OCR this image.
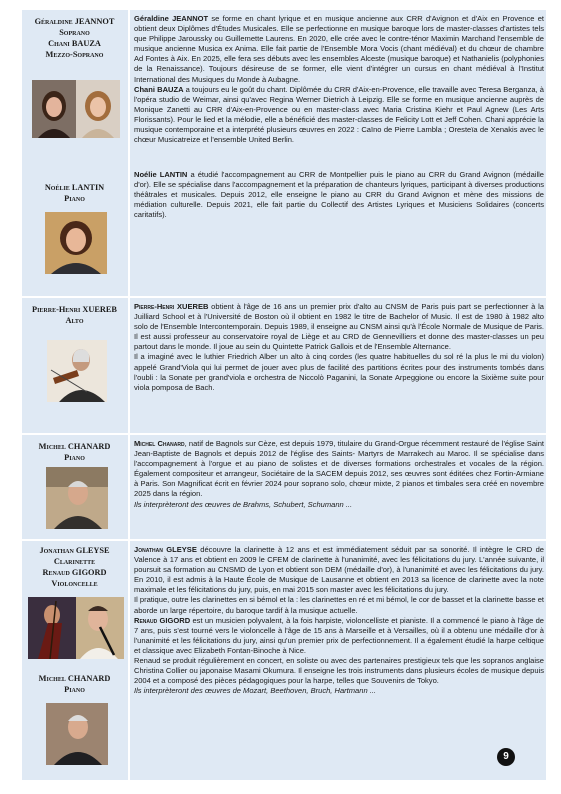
Géraldine JEANNOT
Soprano
Chani BAUZA
Mezzo-Soprano

Géraldine JEANNOT se forme en chant lyrique et en musique ancienne aux CRR d'Avignon et d'Aix en Provence et obtient deux Diplômes d'Études Musicales. Elle se perfectionne en musique baroque lors de master-classes d'artistes tels que Philippe Jaroussky ou Guillemette Laurens. En 2020, elle crée avec le contre-ténor Maximin Marchand l'ensemble de musique ancienne Musica ex Anima. Elle fait partie de l'Ensemble Mora Vocis (chant médiéval) et du chœur de chambre Ad Fontes à Aix. En 2025, elle fera ses débuts avec les ensembles Alceste (musique baroque) et Nathanielis (polyphonies de la Renaissance). Toujours désireuse de se former, elle vient d'intégrer un cursus en chant médiéval à l'Institut International des Musiques du Monde à Aubagne.

Chani BAUZA a toujours eu le goût du chant. Diplômée du CRR d'Aix-en-Provence, elle travaille avec Teresa Berganza, à l'opéra studio de Weimar, ainsi qu'avec Regina Werner Dietrich à Leipzig. Elle se forme en musique ancienne auprès de Monique Zanetti au CRR d'Aix-en-Provence ou en master-class avec Maria Cristina Kiehr et Paul Agnew (Les Arts Florissants). Pour le lied et la mélodie, elle a bénéficié des master-classes de Felicity Lott et Jeff Cohen. Chani apprécie la musique contemporaine et a interprété plusieurs œuvres en 2022 : Caïno de Pierre Lambla ; Oresteïa de Xenakis avec le chœur Musicatreize et l'ensemble United Berlin.

Noélie LANTIN
Piano

Noélie LANTIN a étudié l'accompagnement au CRR de Montpellier puis le piano au CRR du Grand Avignon (médaille d'or). Elle se spécialise dans l'accompagnement et la préparation de chanteurs lyriques, participant à diverses productions théâtrales et musicales. Depuis 2012, elle enseigne le piano au CRR du Grand Avignon et mène des missions de médiation culturelle. Depuis 2021, elle fait partie du Collectif des Artistes Lyriques et Musiciens Solidaires (concerts caritatifs).

Pierre-Henri XUEREB
Alto

Pierre-Henri XUEREB obtient à l'âge de 16 ans un premier prix d'alto au CNSM de Paris puis part se perfectionner à la Juilliard School et à l'Université de Boston où il obtient en 1982 le titre de Bachelor of Music. Il est de 1980 à 1982 alto solo de l'Ensemble Intercontemporain. Depuis 1989, il enseigne au CNSM ainsi qu'à l'École Normale de Musique de Paris. Il est aussi professeur au conservatoire royal de Liège et au CRD de Gennevilliers et donne des master-classes un peu partout dans le monde. Il joue au sein du Quintette Patrick Gallois et de l'Ensemble Alternance.

Il a imaginé avec le luthier Friedrich Alber un alto à cinq cordes (les quatre habituelles du sol ré la plus le mi du violon) appelé Grand'Viola qui lui permet de jouer avec plus de facilité des partitions écrites pour des instruments tombés dans l'oubli : la Sonate per grand'viola e orchestra de Niccolò Paganini, la Sonate Arpeggione ou encore la Sixième suite pour viola pomposa de Bach.

Michel CHANARD
Piano

Michel Chanard, natif de Bagnols sur Cèze, est depuis 1979, titulaire du Grand-Orgue récemment restauré de l'église Saint Jean-Baptiste de Bagnols et depuis 2012 de l'église des Saints- Martyrs de Marrakech au Maroc. Il se spécialise dans l'accompagnement à l'orgue et au piano de solistes et de diverses formations orchestrales et vocales de la région. Également compositeur et arrangeur, Sociétaire de la SACEM depuis 2012, ses œuvres sont éditées chez Fortin-Armiane à Paris. Son Magnificat écrit en février 2024 pour soprano solo, chœur mixte, 2 pianos et timbales sera créé en novembre 2025 dans la région.

Ils interprèteront des œuvres de Brahms, Schubert, Schumann ...

Jonathan GLEYSE
Clarinette
Renaud GIGORD
Violoncelle
Michel CHANARD
Piano

Jonathan GLEYSE découvre la clarinette à 12 ans et est immédiatement séduit par sa sonorité. Il intègre le CRD de Valence à 17 ans et obtient en 2009 le CFEM de clarinette à l'unanimité, avec les félicitations du jury. L'année suivante, il poursuit sa formation au CNSMD de Lyon et obtient son DEM (médaille d'or), à l'unanimité et avec les félicitations du jury. En 2010, il est admis à la Haute École de Musique de Lausanne et obtient en 2013 sa licence de clarinette avec la note maximale et les félicitations du jury, puis, en mai 2015 son master avec les félicitations du jury.

Il pratique, outre les clarinettes en si bémol et la : les clarinettes en ré et mi bémol, le cor de basset et la clarinette basse et aborde un large répertoire, du baroque tardif à la musique actuelle.

Renaud GIGORD est un musicien polyvalent, à la fois harpiste, violoncelliste et pianiste. Il a commencé le piano à l'âge de 7 ans, puis s'est tourné vers le violoncelle à l'âge de 15 ans à Marseille et à Versailles, où il a obtenu une médaille d'or à l'unanimité et les félicitations du jury, ainsi qu'un premier prix de perfectionnement. Il a également étudié la harpe celtique et classique avec Elizabeth Fontan-Binoche à Nice.

Renaud se produit régulièrement en concert, en soliste ou avec des partenaires prestigieux tels que les sopranos anglaise Christina Collier ou japonaise Masami Okumura. Il enseigne les trois instruments dans plusieurs écoles de musique depuis 2004 et a composé des pièces pédagogiques pour la harpe, telles que Souvenirs de Tokyo.

Ils interprèteront des œuvres de Mozart, Beethoven, Bruch, Hartmann ...

9
